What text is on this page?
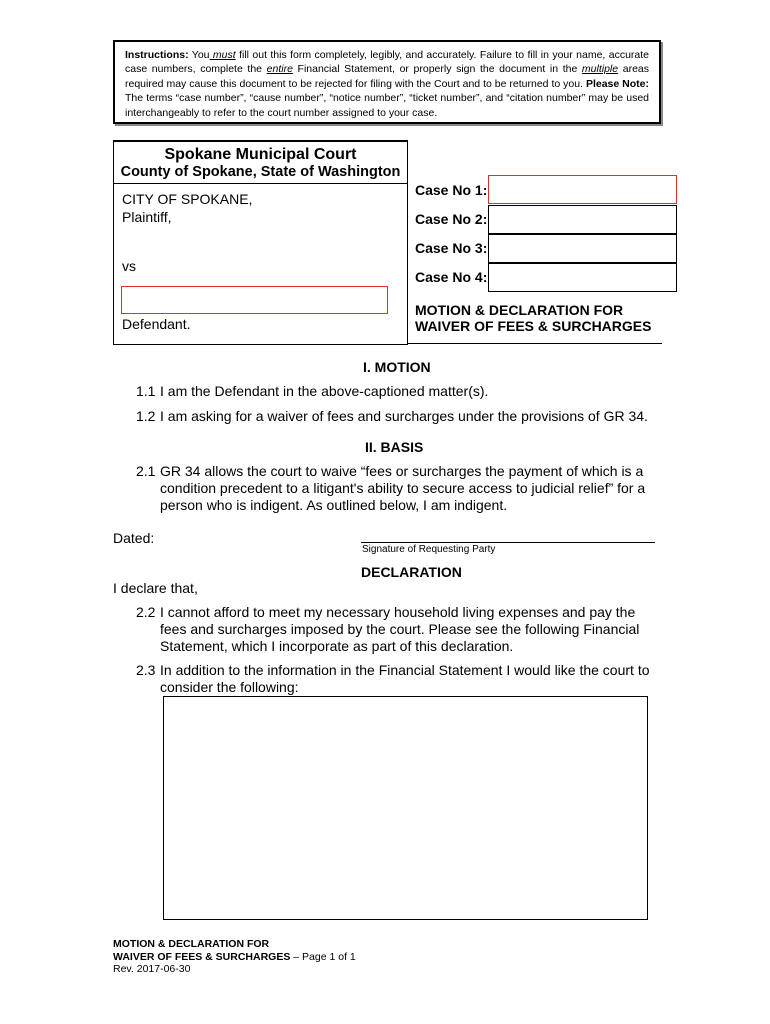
Instructions: You must fill out this form completely, legibly, and accurately. Failure to fill in your name, accurate case numbers, complete the entire Financial Statement, or properly sign the document in the multiple areas required may cause this document to be rejected for filing with the Court and to be returned to you. Please Note: The terms “case number”, “cause number”, “notice number”, “ticket number”, and “citation number” may be used interchangeably to refer to the court number assigned to your case.
Spokane Municipal Court
County of Spokane, State of Washington
CITY OF SPOKANE,
Plaintiff,
vs
Defendant.
Case No 1:
Case No 2:
Case No 3:
Case No 4:
MOTION & DECLARATION FOR
WAIVER OF FEES & SURCHARGES
I. MOTION
1.1 I am the Defendant in the above-captioned matter(s).
1.2 I am asking for a waiver of fees and surcharges under the provisions of GR 34.
II. BASIS
2.1 GR 34 allows the court to waive “fees or surcharges the payment of which is a
condition precedent to a litigant's ability to secure access to judicial relief” for a
person who is indigent. As outlined below, I am indigent.
Dated:
Signature of Requesting Party
DECLARATION
I declare that,
2.2 I cannot afford to meet my necessary household living expenses and pay the
fees and surcharges imposed by the court. Please see the following Financial
Statement, which I incorporate as part of this declaration.
2.3 In addition to the information in the Financial Statement I would like the court to
consider the following:
MOTION & DECLARATION FOR
WAIVER OF FEES & SURCHARGES – Page 1 of 1
Rev. 2017-06-30
